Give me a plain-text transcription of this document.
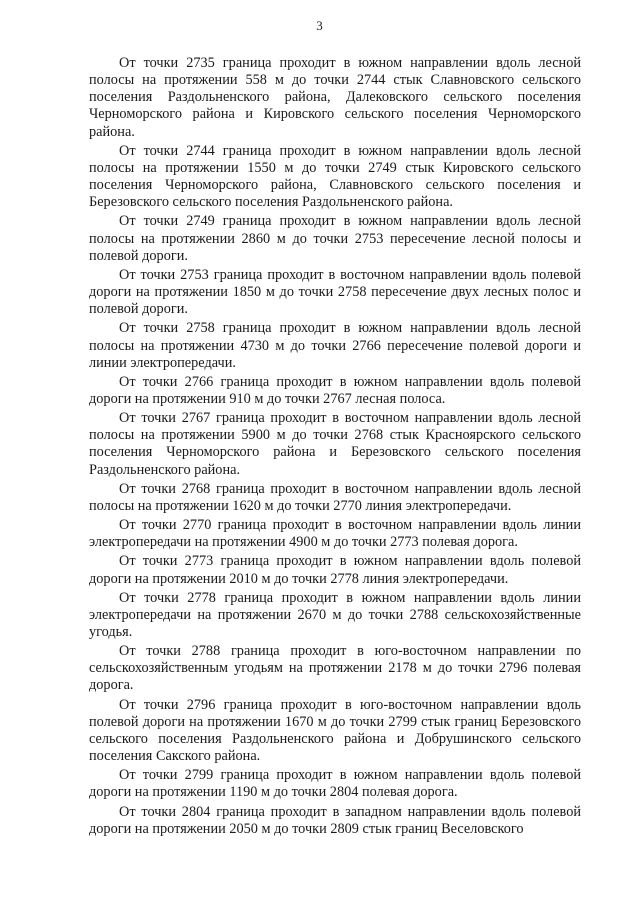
3

От точки 2735 граница проходит в южном направлении вдоль лесной полосы на протяжении 558 м до точки 2744 стык Славновского сельского поселения Раздольненского района, Далековского сельского поселения Черноморского района и Кировского сельского поселения Черноморского района.

От точки 2744 граница проходит в южном направлении вдоль лесной полосы на протяжении 1550 м до точки 2749 стык Кировского сельского поселения Черноморского района, Славновского сельского поселения и Березовского сельского поселения Раздольненского района.

От точки 2749 граница проходит в южном направлении вдоль лесной полосы на протяжении 2860 м до точки 2753 пересечение лесной полосы и полевой дороги.

От точки 2753 граница проходит в восточном направлении вдоль полевой дороги на протяжении 1850 м до точки 2758 пересечение двух лесных полос и полевой дороги.

От точки 2758 граница проходит в южном направлении вдоль лесной полосы на протяжении 4730 м до точки 2766 пересечение полевой дороги и линии электропередачи.

От точки 2766 граница проходит в южном направлении вдоль полевой дороги на протяжении 910 м до точки 2767 лесная полоса.

От точки 2767 граница проходит в восточном направлении вдоль лесной полосы на протяжении 5900 м до точки 2768 стык Красноярского сельского поселения Черноморского района и Березовского сельского поселения Раздольненского района.

От точки 2768 граница проходит в восточном направлении вдоль лесной полосы на протяжении 1620 м до точки 2770 линия электропередачи.

От точки 2770 граница проходит в восточном направлении вдоль линии электропередачи на протяжении 4900 м до точки 2773 полевая дорога.

От точки 2773 граница проходит в южном направлении вдоль полевой дороги на протяжении 2010 м до точки 2778 линия электропередачи.

От точки 2778 граница проходит в южном направлении вдоль линии электропередачи на протяжении 2670 м до точки 2788 сельскохозяйственные угодья.

От точки 2788 граница проходит в юго-восточном направлении по сельскохозяйственным угодьям на протяжении 2178 м до точки 2796 полевая дорога.

От точки 2796 граница проходит в юго-восточном направлении вдоль полевой дороги на протяжении 1670 м до точки 2799 стык границ Березовского сельского поселения Раздольненского района и Добрушинского сельского поселения Сакского района.

От точки 2799 граница проходит в южном направлении вдоль полевой дороги на протяжении 1190 м до точки 2804 полевая дорога.

От точки 2804 граница проходит в западном направлении вдоль полевой дороги на протяжении 2050 м до точки 2809 стык границ Веселовского
